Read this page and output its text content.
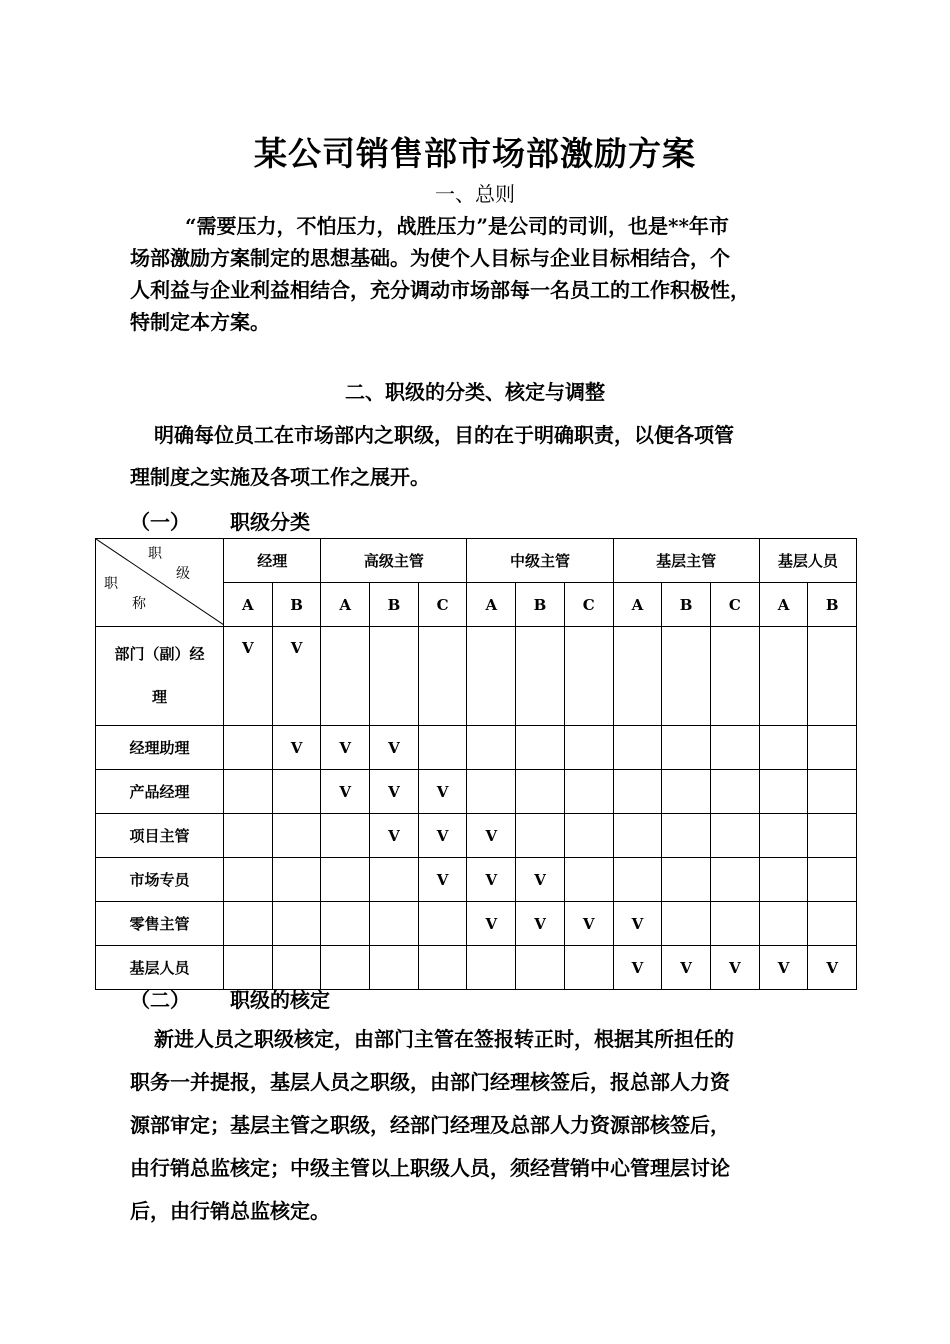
某公司销售部市场部激励方案
一、总则
“需要压力，不怕压力，战胜压力”是公司的司训，也是**年市
场部激励方案制定的思想基础。为使个人目标与企业目标相结合，个
人利益与企业利益相结合，充分调动市场部每一名员工的工作积极性，
特制定本方案。
二、职级的分类、核定与调整
明确每位员工在市场部内之职级，目的在于明确职责，以便各项管
理制度之实施及各项工作之展开。
（一） 职级分类
职
级
职
称	经理		高级主管			中级主管			基层主管			基层人员	
	A	B	A	B	C	A	B	C	A	B	C	A	B

部门（副）经
理	V	V											

经理助理		V	V	V									

产品经理			V	V	V								

项目主管				V	V	V							

市场专员					V	V	V						

零售主管						V	V	V	V				

基层人员									V	V	V	V	V
（二） 职级的核定
新进人员之职级核定，由部门主管在签报转正时，根据其所担任的
职务一并提报，基层人员之职级，由部门经理核签后，报总部人力资
源部审定；基层主管之职级，经部门经理及总部人力资源部核签后，
由行销总监核定；中级主管以上职级人员，须经营销中心管理层讨论
后，由行销总监核定。
